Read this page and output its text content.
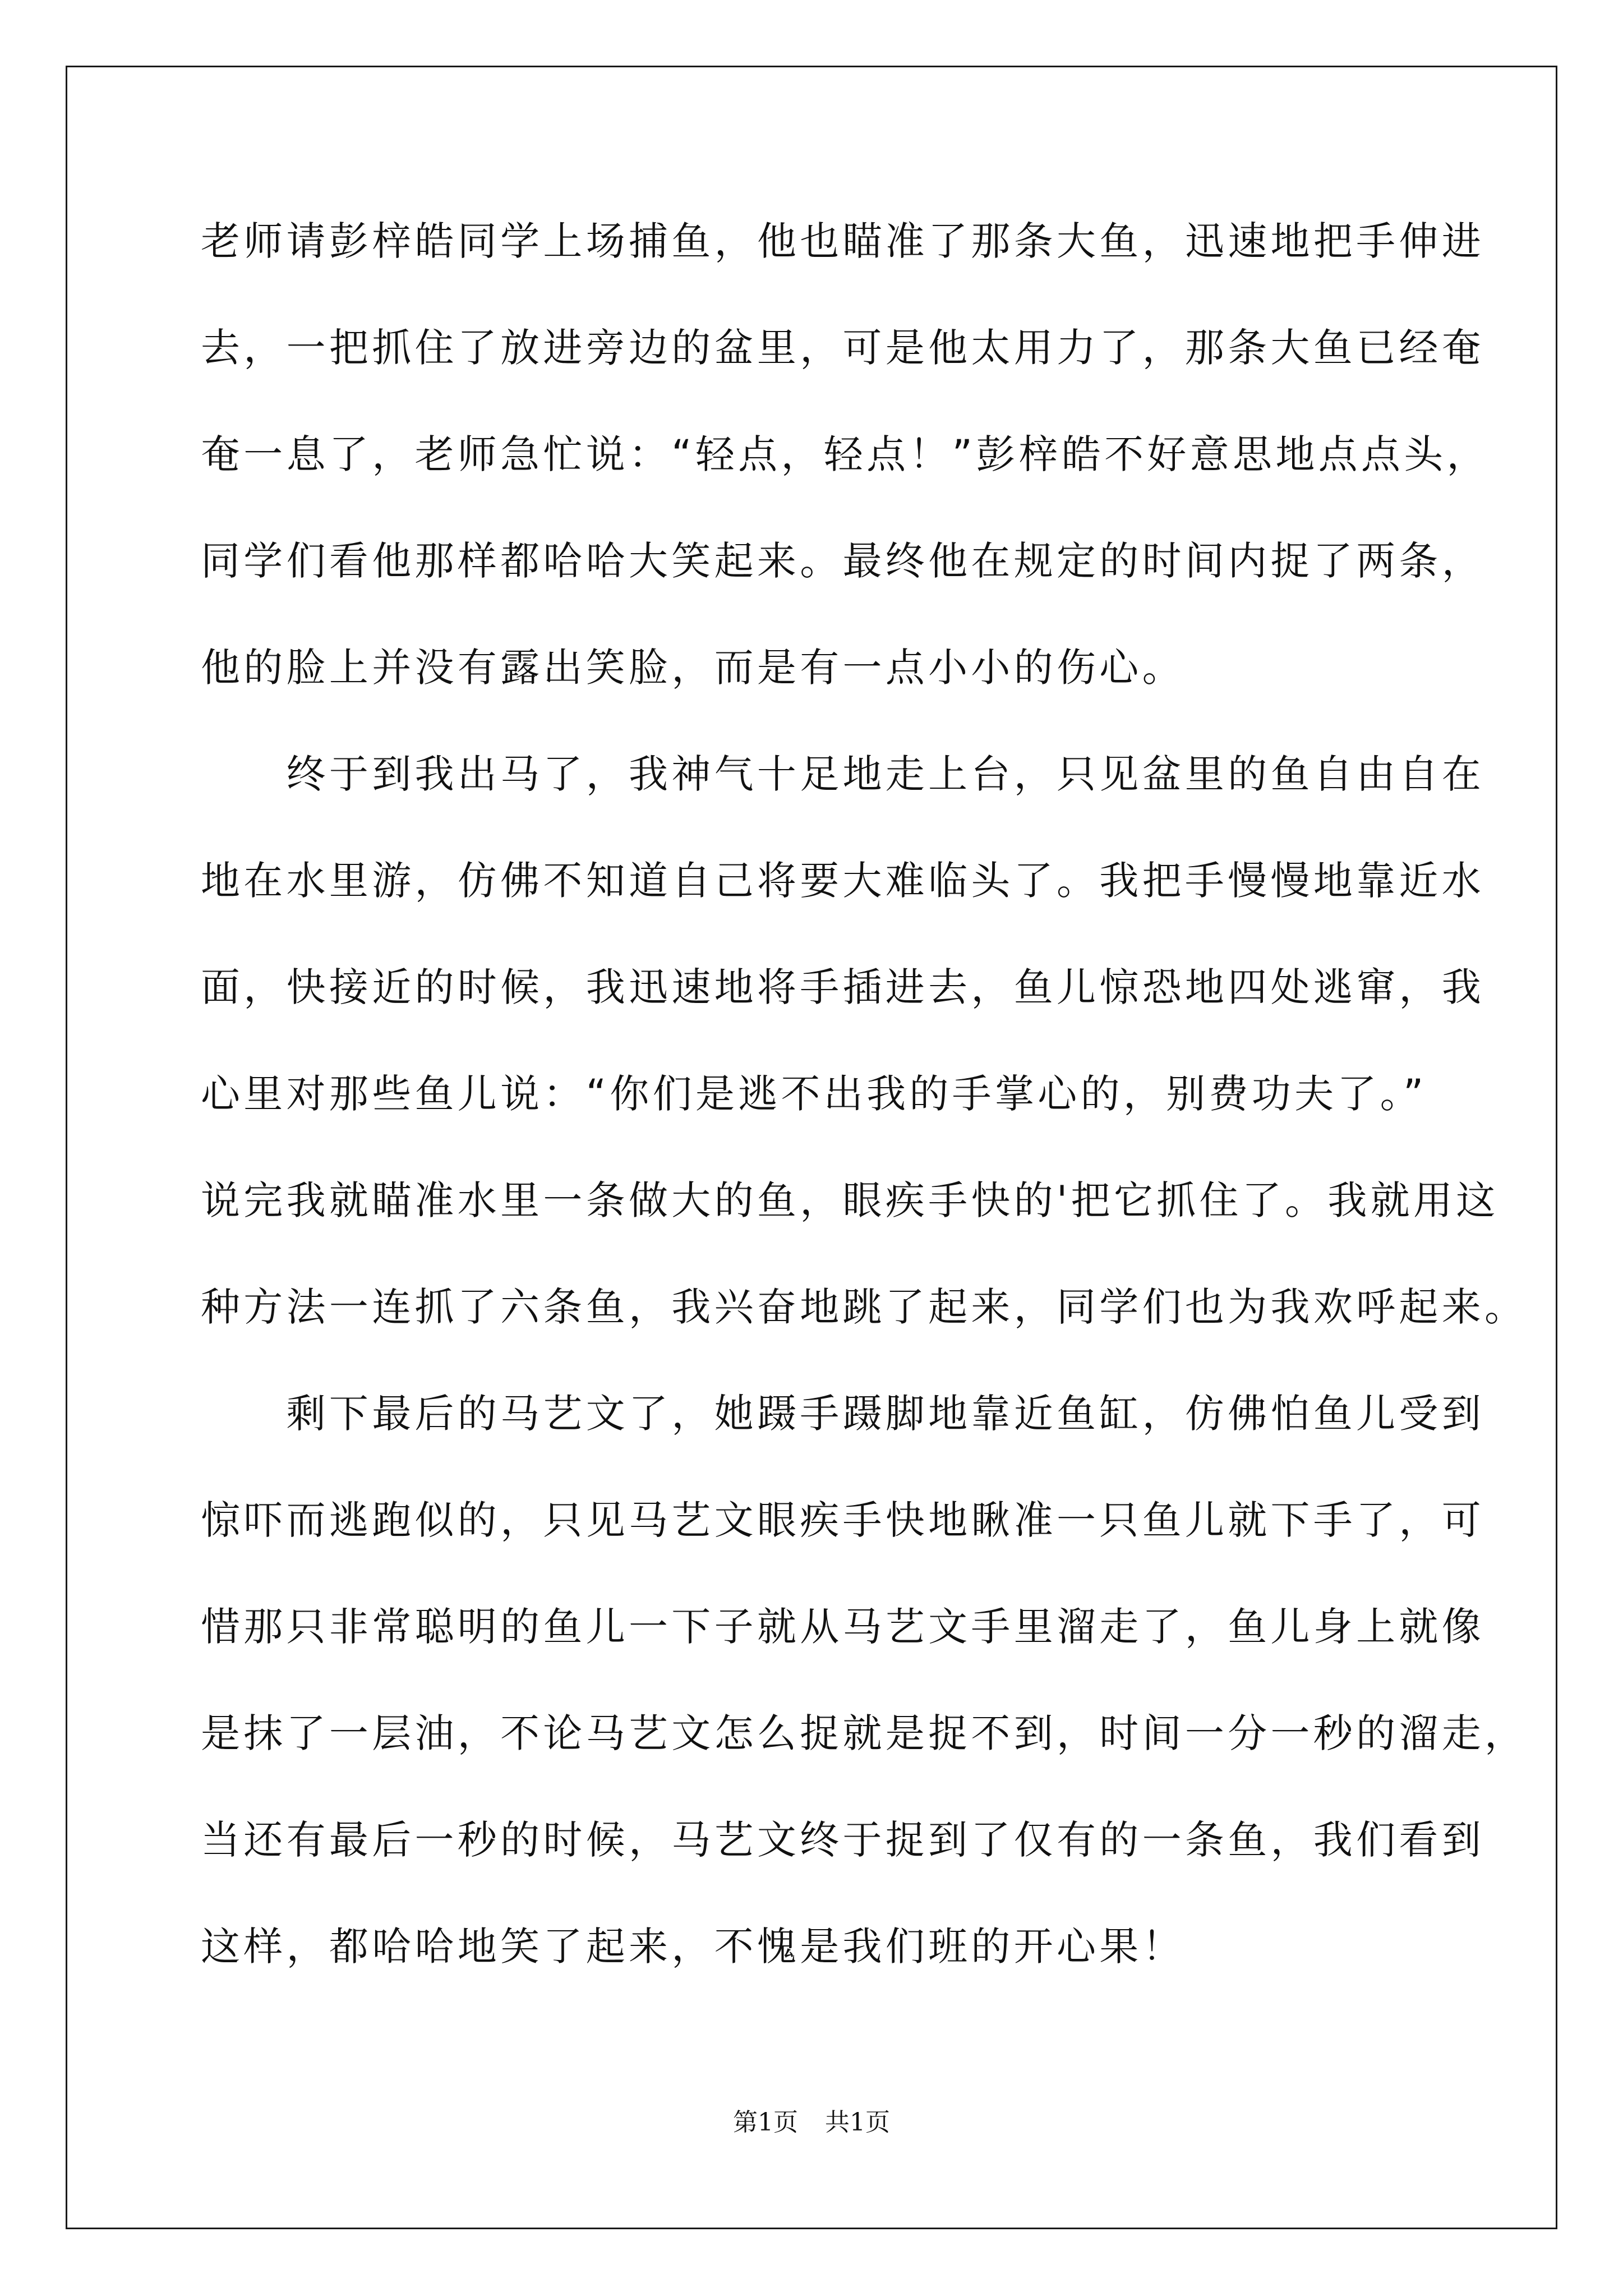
老师请彭梓皓同学上场捕鱼，他也瞄准了那条大鱼，迅速地把手伸进
去，一把抓住了放进旁边的盆里，可是他太用力了，那条大鱼已经奄
奄一息了，老师急忙说：“轻点，轻点！”彭梓皓不好意思地点点头，
同学们看他那样都哈哈大笑起来。最终他在规定的时间内捉了两条，
他的脸上并没有露出笑脸，而是有一点小小的伤心。
　　终于到我出马了，我神气十足地走上台，只见盆里的鱼自由自在
地在水里游，仿佛不知道自己将要大难临头了。我把手慢慢地靠近水
面，快接近的时候，我迅速地将手插进去，鱼儿惊恐地四处逃窜，我
心里对那些鱼儿说：“你们是逃不出我的手掌心的，别费功夫了。”
说完我就瞄准水里一条做大的鱼，眼疾手快的'把它抓住了。我就用这
种方法一连抓了六条鱼，我兴奋地跳了起来，同学们也为我欢呼起来。
　　剩下最后的马艺文了，她蹑手蹑脚地靠近鱼缸，仿佛怕鱼儿受到
惊吓而逃跑似的，只见马艺文眼疾手快地瞅准一只鱼儿就下手了，可
惜那只非常聪明的鱼儿一下子就从马艺文手里溜走了，鱼儿身上就像
是抹了一层油，不论马艺文怎么捉就是捉不到，时间一分一秒的溜走，
当还有最后一秒的时候，马艺文终于捉到了仅有的一条鱼，我们看到
这样，都哈哈地笑了起来，不愧是我们班的开心果！
第1页 共1页
